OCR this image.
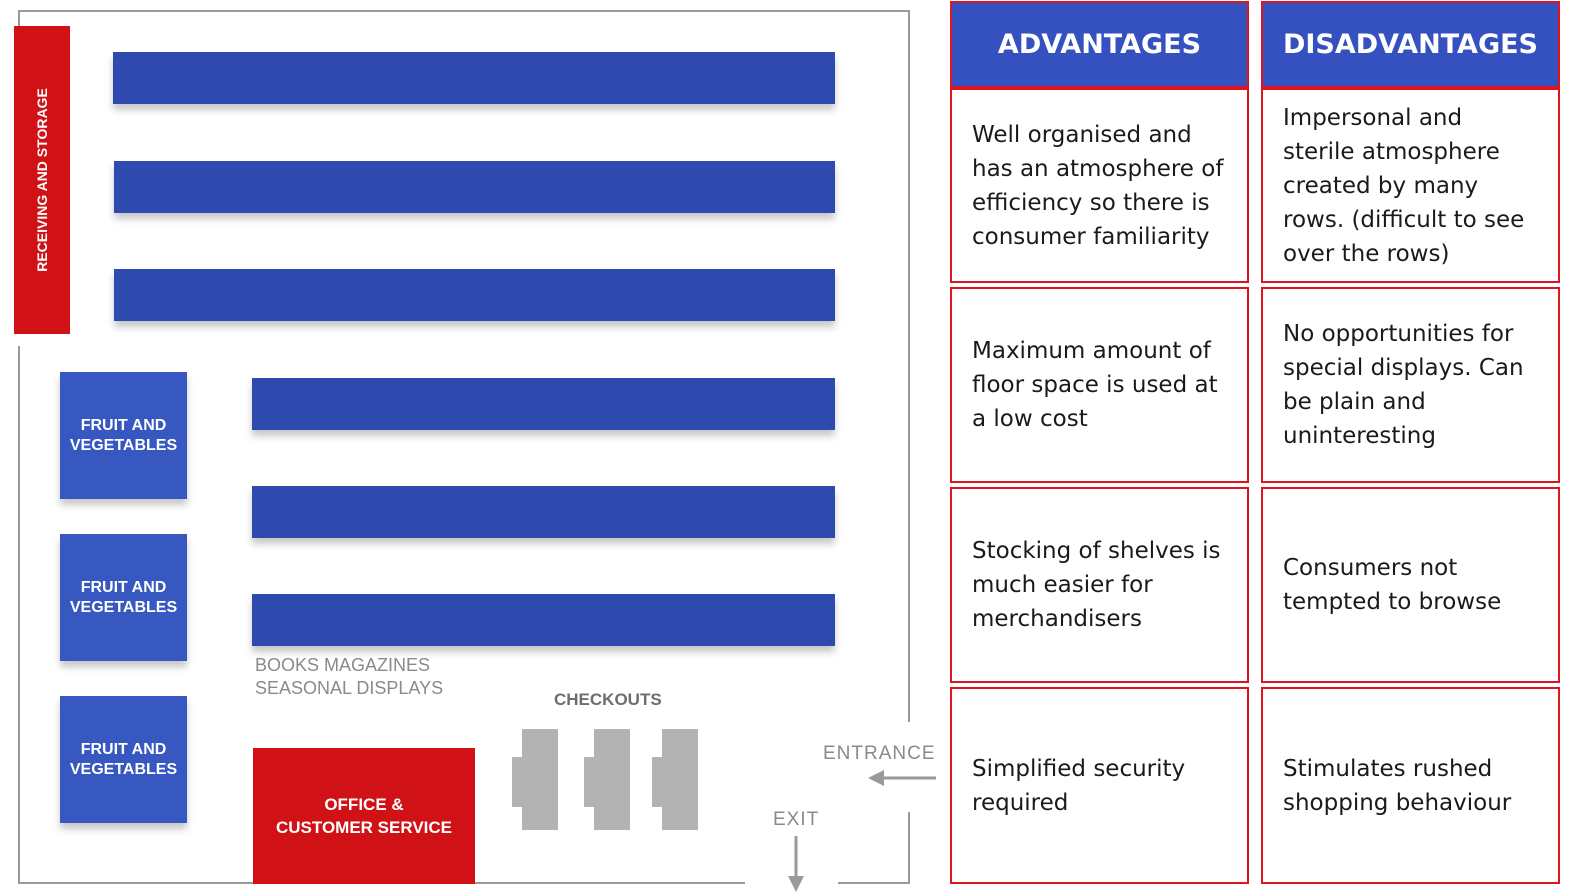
RECEIVING AND STORAGE
FRUIT AND VEGETABLES
FRUIT AND VEGETABLES
FRUIT AND VEGETABLES
BOOKS MAGAZINES
SEASONAL DISPLAYS
CHECKOUTS
OFFICE &
CUSTOMER SERVICE
ENTRANCE
EXIT
ADVANTAGES	DISADVANTAGES
Well organised and has an atmosphere of efficiency so there is consumer familiarity
Impersonal and sterile atmosphere created by many rows. (difficult to see over the rows)
Maximum amount of floor space is used at a low cost
No opportunities for special displays. Can be plain and uninteresting
Stocking of shelves is much easier for merchandisers
Consumers not tempted to browse
Simplified security required
Stimulates rushed shopping behaviour
